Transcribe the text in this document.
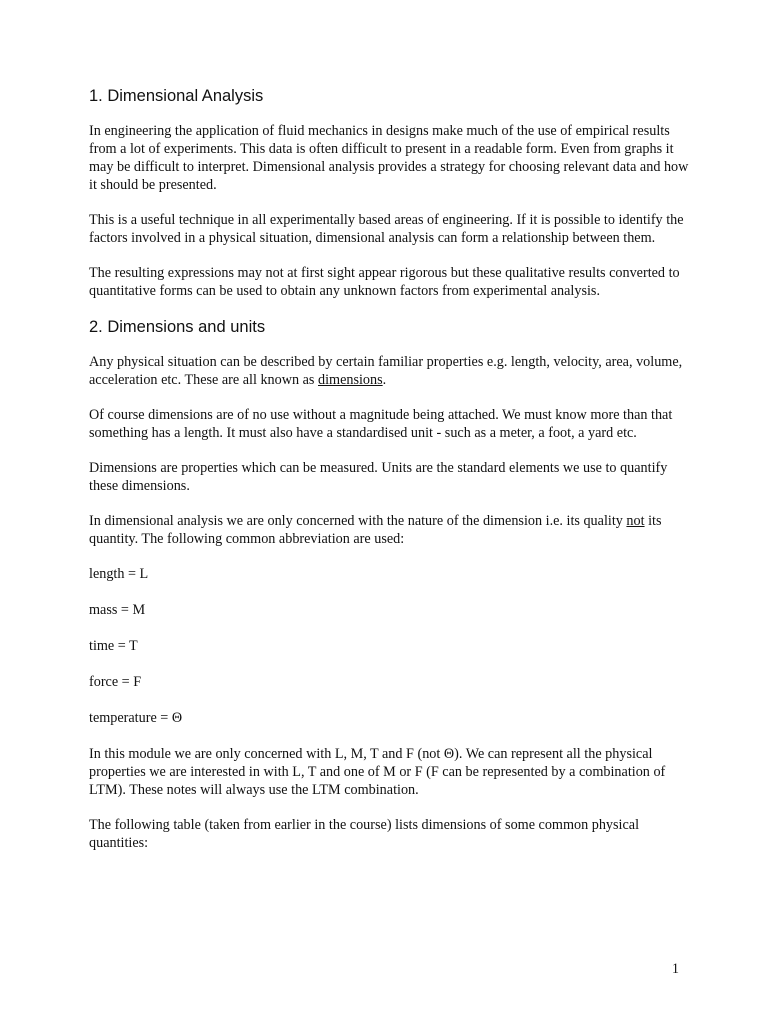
1. Dimensional Analysis

In engineering the application of fluid mechanics in designs make much of the use of empirical results from a lot of experiments. This data is often difficult to present in a readable form. Even from graphs it may be difficult to interpret. Dimensional analysis provides a strategy for choosing relevant data and how it should be presented.

This is a useful technique in all experimentally based areas of engineering. If it is possible to identify the factors involved in a physical situation, dimensional analysis can form a relationship between them.

The resulting expressions may not at first sight appear rigorous but these qualitative results converted to quantitative forms can be used to obtain any unknown factors from experimental analysis.

2. Dimensions and units

Any physical situation can be described by certain familiar properties e.g. length, velocity, area, volume, acceleration etc. These are all known as dimensions.

Of course dimensions are of no use without a magnitude being attached. We must know more than that something has a length. It must also have a standardised unit - such as a meter, a foot, a yard etc.

Dimensions are properties which can be measured. Units are the standard elements we use to quantify these dimensions.

In dimensional analysis we are only concerned with the nature of the dimension i.e. its quality not its quantity. The following common abbreviation are used:

length = L

mass = M

time = T

force = F

temperature = Θ

In this module we are only concerned with L, M, T and F (not Θ). We can represent all the physical properties we are interested in with L, T and one of M or F (F can be represented by a combination of LTM). These notes will always use the LTM combination.

The following table (taken from earlier in the course) lists dimensions of some common physical quantities:

1
